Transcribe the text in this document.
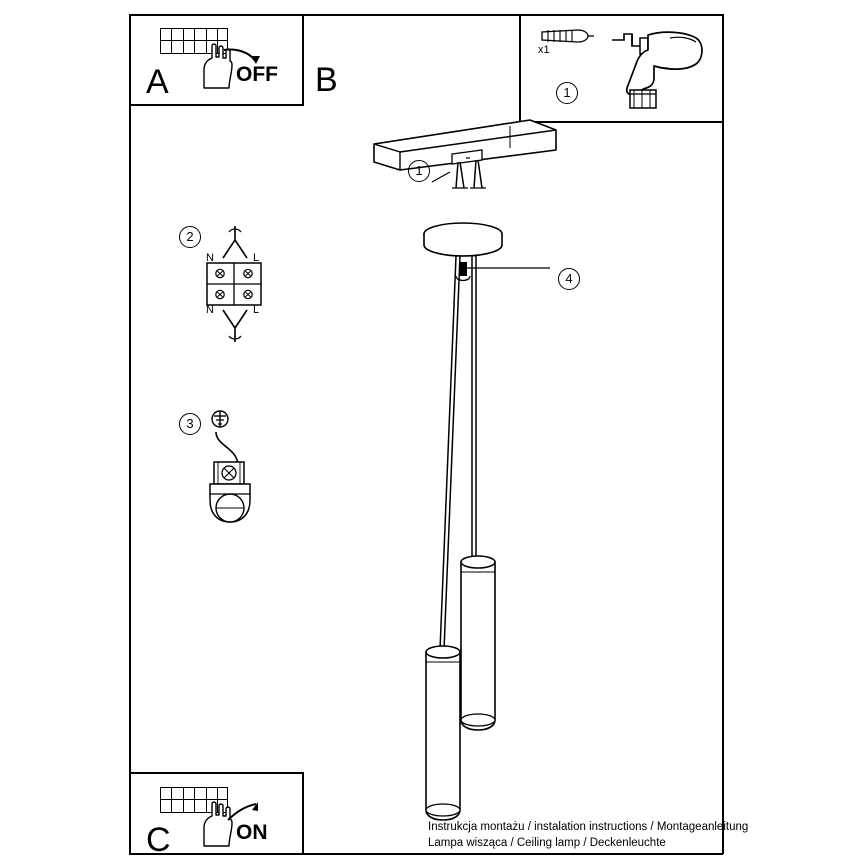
A	OFF B
x1
1
2
N	L
N	L
3
C	ON
1
4
Instrukcja montażu / instalation instructions / Montageanleitung
Lampa wisząca / Ceiling lamp / Deckenleuchte
